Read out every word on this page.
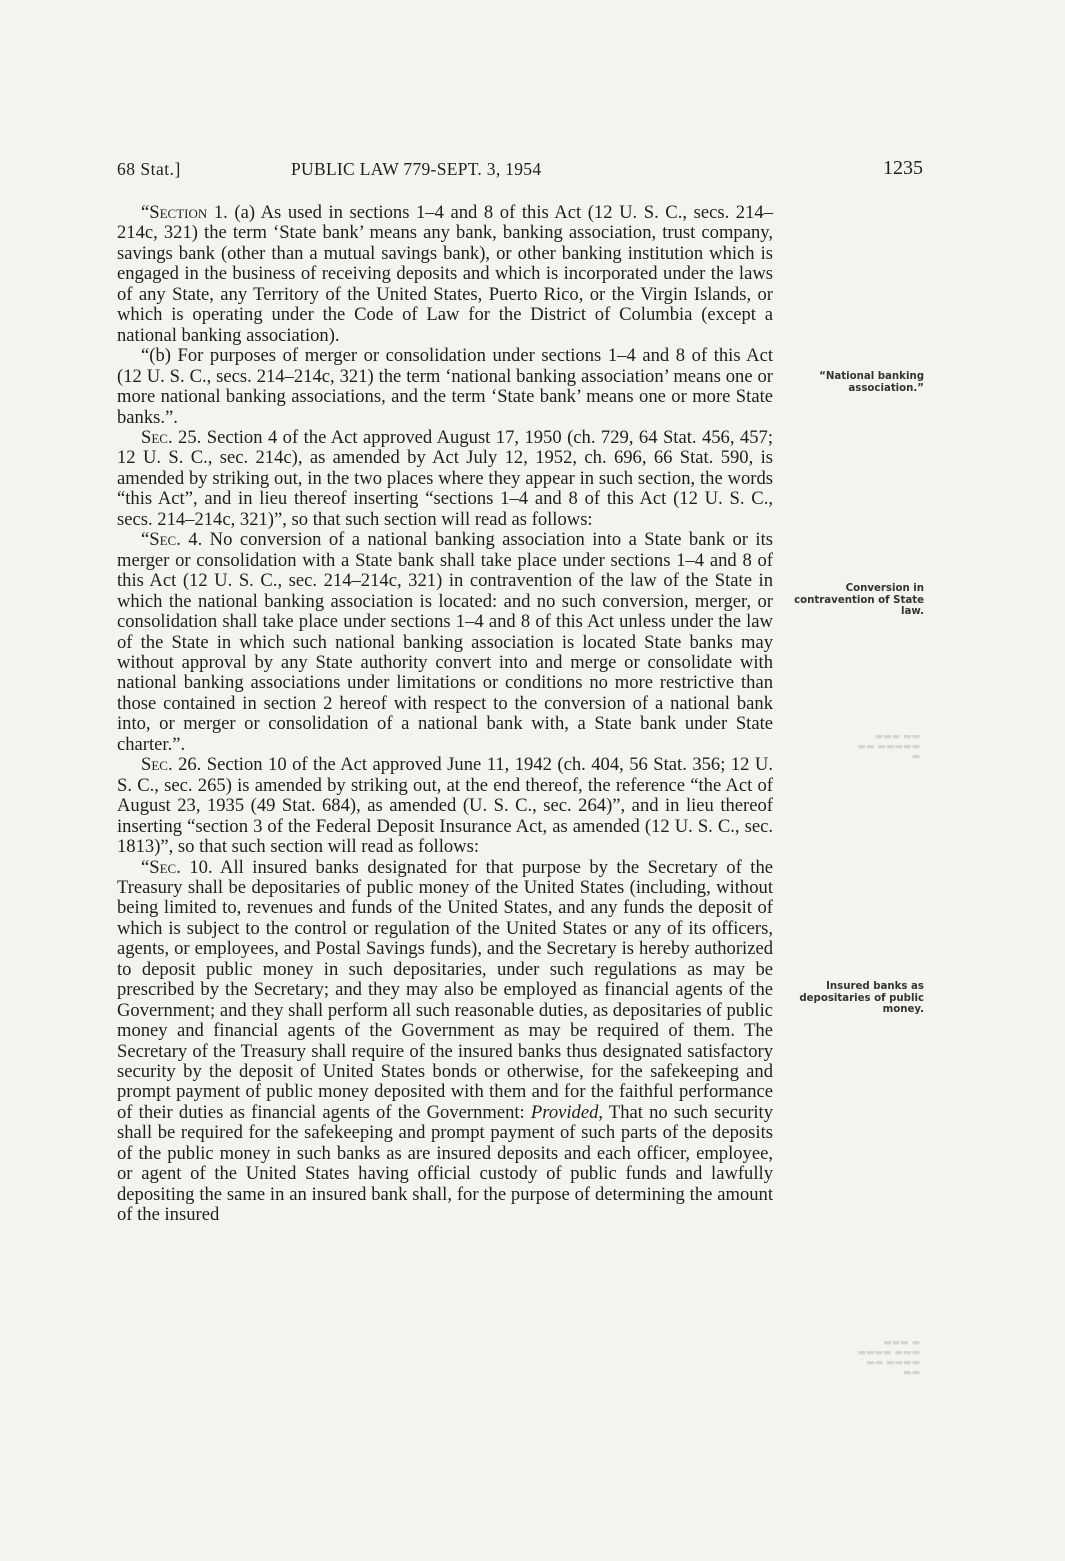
68 Stat.]	PUBLIC LAW 779-SEPT. 3, 1954	1235

“Section 1. (a) As used in sections 1–4 and 8 of this Act (12 U. S. C., secs. 214–214c, 321) the term ‘State bank’ means any bank, banking association, trust company, savings bank (other than a mutual savings bank), or other banking institution which is engaged in the business of receiving deposits and which is incorporated under the laws of any State, any Territory of the United States, Puerto Rico, or the Virgin Islands, or which is operating under the Code of Law for the District of Columbia (except a national banking association).

“(b) For purposes of merger or consolidation under sections 1–4 and 8 of this Act (12 U. S. C., secs. 214–214c, 321) the term ‘national banking association’ means one or more national banking associations, and the term ‘State bank’ means one or more State banks.”.

Sec. 25. Section 4 of the Act approved August 17, 1950 (ch. 729, 64 Stat. 456, 457; 12 U. S. C., sec. 214c), as amended by Act July 12, 1952, ch. 696, 66 Stat. 590, is amended by striking out, in the two places where they appear in such section, the words “this Act”, and in lieu thereof inserting “sections 1–4 and 8 of this Act (12 U. S. C., secs. 214–214c, 321)”, so that such section will read as follows:

“Sec. 4. No conversion of a national banking association into a State bank or its merger or consolidation with a State bank shall take place under sections 1–4 and 8 of this Act (12 U. S. C., sec. 214–214c, 321) in contravention of the law of the State in which the national banking association is located: and no such conversion, merger, or consolidation shall take place under sections 1–4 and 8 of this Act unless under the law of the State in which such national banking association is located State banks may without approval by any State authority convert into and merge or consolidate with national banking associations under limitations or conditions no more restrictive than those contained in section 2 hereof with respect to the conversion of a national bank into, or merger or consolidation of a national bank with, a State bank under State charter.”.

Sec. 26. Section 10 of the Act approved June 11, 1942 (ch. 404, 56 Stat. 356; 12 U. S. C., sec. 265) is amended by striking out, at the end thereof, the reference “the Act of August 23, 1935 (49 Stat. 684), as amended (U. S. C., sec. 264)”, and in lieu thereof inserting “section 3 of the Federal Deposit Insurance Act, as amended (12 U. S. C., sec. 1813)”, so that such section will read as follows:

“Sec. 10. All insured banks designated for that purpose by the Secretary of the Treasury shall be depositaries of public money of the United States (including, without being limited to, revenues and funds of the United States, and any funds the deposit of which is subject to the control or regulation of the United States or any of its officers, agents, or employees, and Postal Savings funds), and the Secretary is hereby authorized to deposit public money in such depositaries, under such regulations as may be prescribed by the Secretary; and they may also be employed as financial agents of the Government; and they shall perform all such reasonable duties, as depositaries of public money and financial agents of the Government as may be required of them. The Secretary of the Treasury shall require of the insured banks thus designated satisfactory security by the deposit of United States bonds or otherwise, for the safekeeping and prompt payment of public money deposited with them and for the faithful performance of their duties as financial agents of the Government: Provided, That no such security shall be required for the safekeeping and prompt payment of such parts of the deposits of the public money in such banks as are insured deposits and each officer, employee, or agent of the United States having official custody of public funds and lawfully depositing the same in an insured bank shall, for the purpose of determining the amount of the insured

“National banking association.”
Conversion in contravention of State law.
Insured banks as depositaries of public money.
▬▬▬ ▬▬
▬▬ ▬▬▬▬▬
▬
▬▬▬ ▬
▬▬▬▬ ▬▬▬
▬▬ ▬▬▬▬
▬▬
